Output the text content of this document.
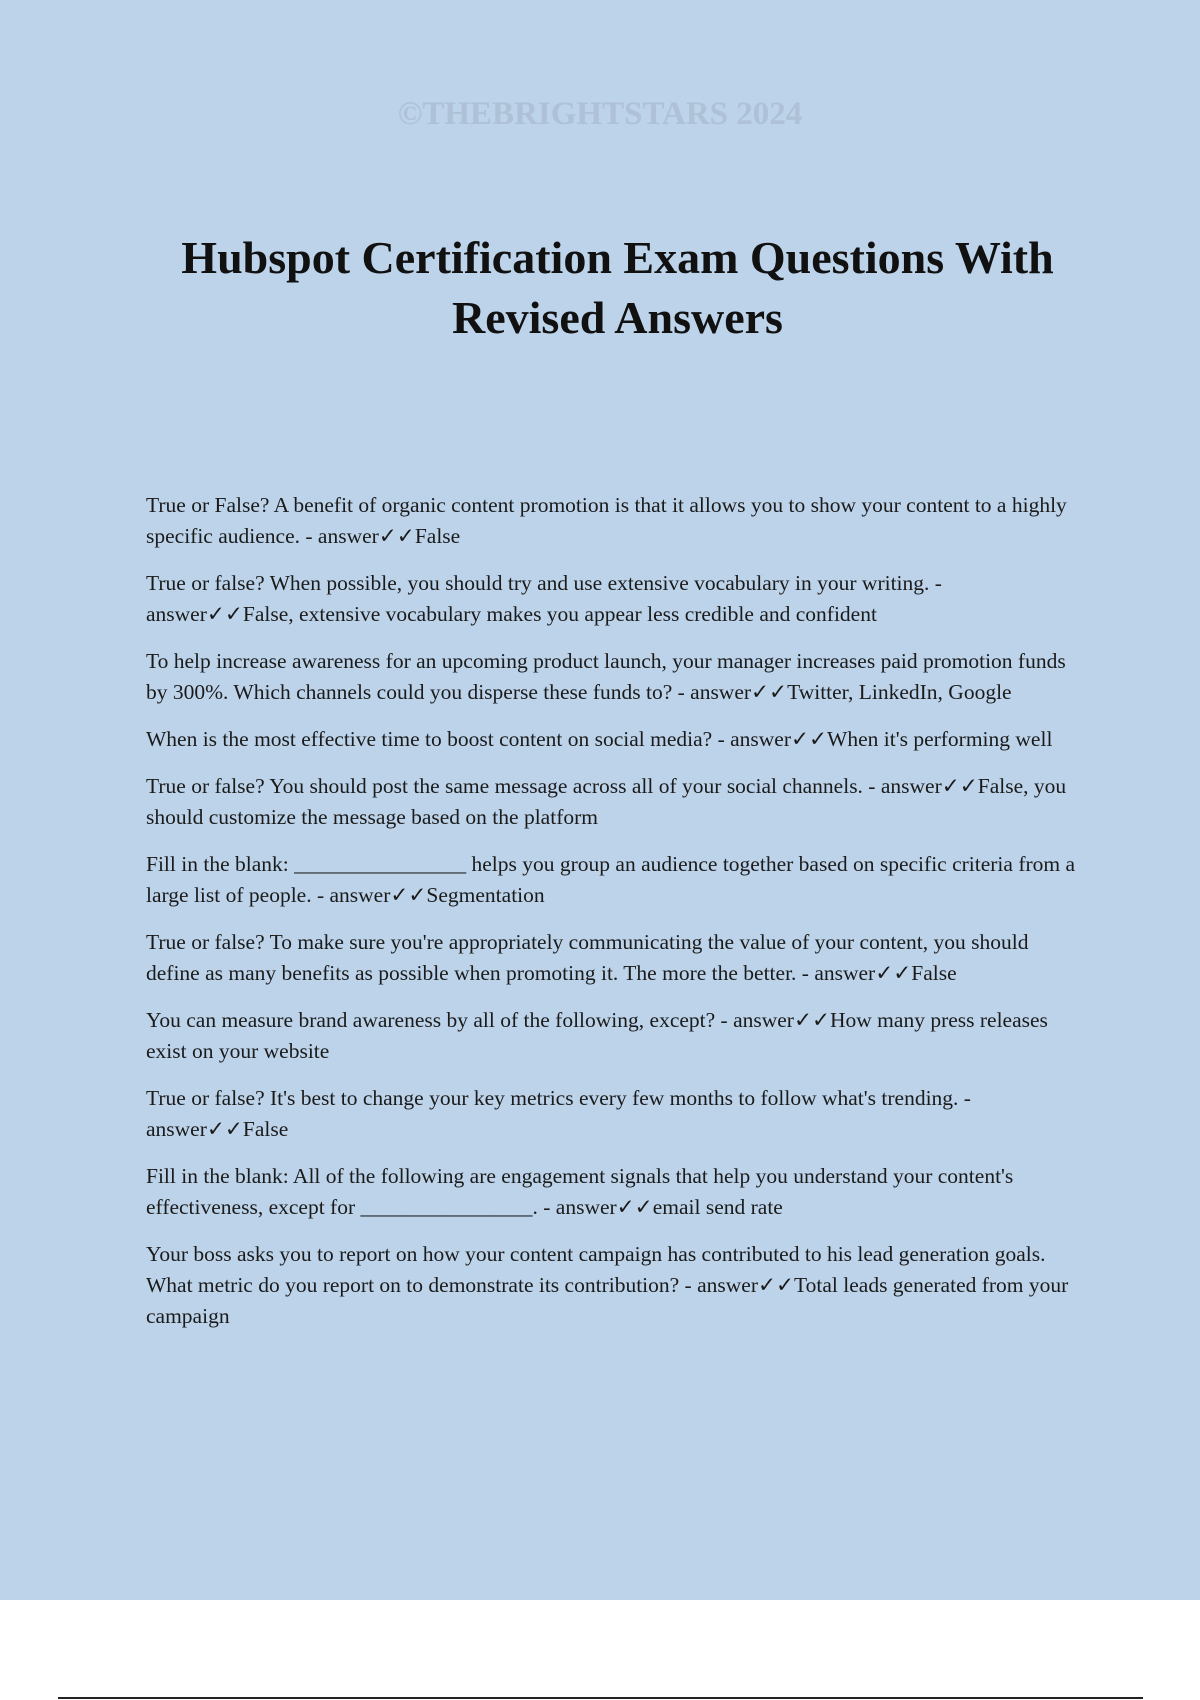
©THEBRIGHTSTARS 2024
Hubspot Certification Exam Questions With Revised Answers

True or False? A benefit of organic content promotion is that it allows you to show your content to a highly specific audience. - answer✓✓False

True or false? When possible, you should try and use extensive vocabulary in your writing. - answer✓✓False, extensive vocabulary makes you appear less credible and confident

To help increase awareness for an upcoming product launch, your manager increases paid promotion funds by 300%. Which channels could you disperse these funds to? - answer✓✓Twitter, LinkedIn, Google

When is the most effective time to boost content on social media? - answer✓✓When it's performing well

True or false? You should post the same message across all of your social channels. - answer✓✓False, you should customize the message based on the platform

Fill in the blank: ________________ helps you group an audience together based on specific criteria from a large list of people. - answer✓✓Segmentation

True or false? To make sure you're appropriately communicating the value of your content, you should define as many benefits as possible when promoting it. The more the better. - answer✓✓False

You can measure brand awareness by all of the following, except? - answer✓✓How many press releases exist on your website

True or false? It's best to change your key metrics every few months to follow what's trending. - answer✓✓False

Fill in the blank: All of the following are engagement signals that help you understand your content's effectiveness, except for ________________. - answer✓✓email send rate

Your boss asks you to report on how your content campaign has contributed to his lead generation goals. What metric do you report on to demonstrate its contribution? - answer✓✓Total leads generated from your campaign
